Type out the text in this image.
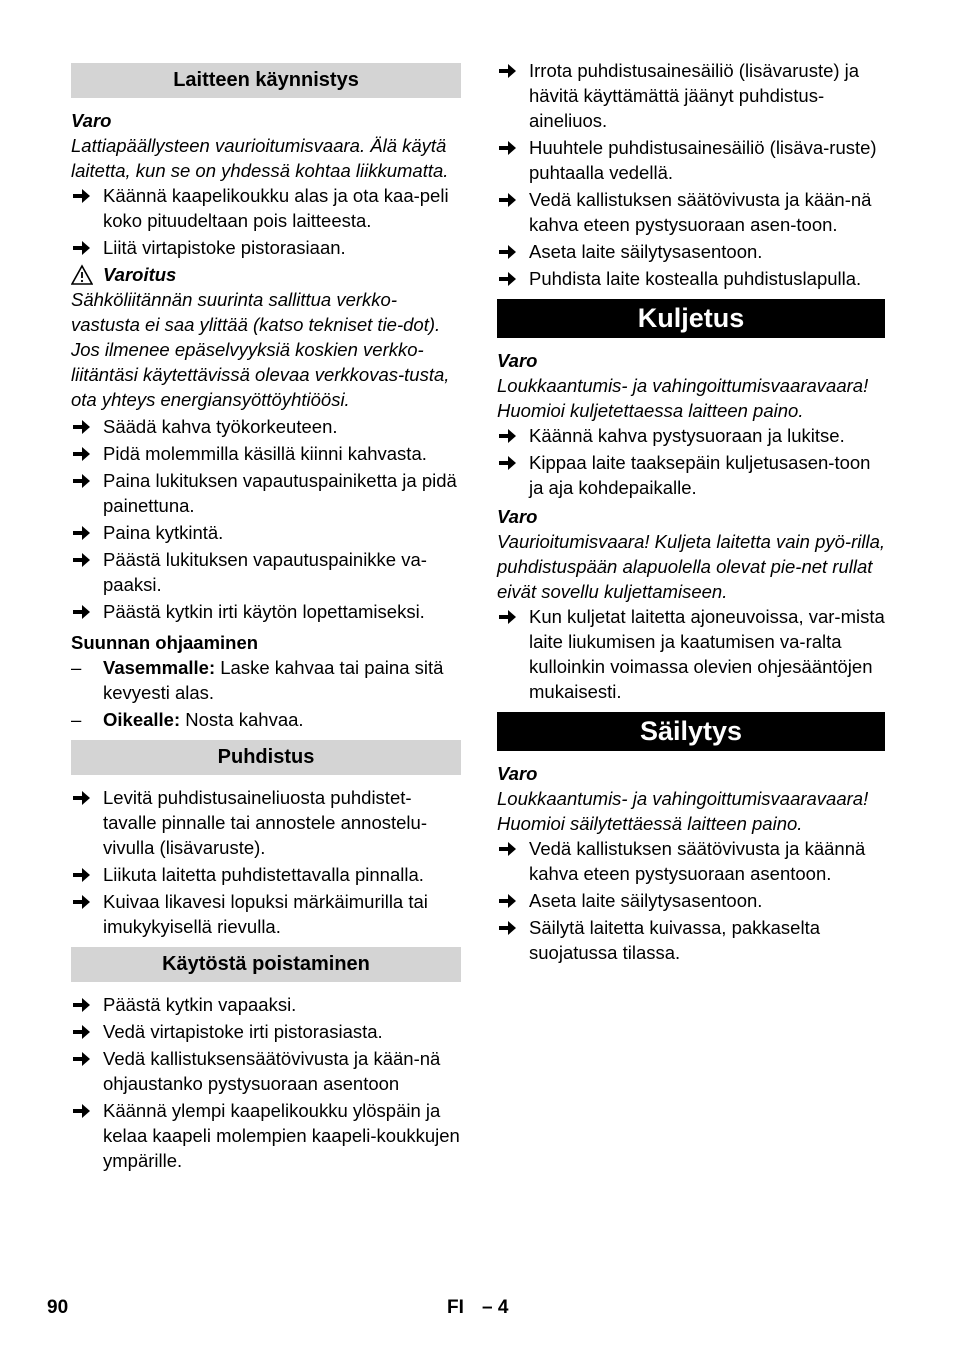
Laitteen käynnistys
Varo
Lattiapäällysteen vaurioitumisvaara. Älä käytä laitetta, kun se on yhdessä kohtaa liikkumatta.
Käännä kaapelikoukku alas ja ota kaa-peli koko pituudeltaan pois laitteesta.
Liitä virtapistoke pistorasiaan.
Varoitus
Sähköliitännän suurinta sallittua verkko-vastusta ei saa ylittää (katso tekniset tie-dot).
Jos ilmenee epäselvyyksiä koskien verkko-liitäntäsi käytettävissä olevaa verkkovas-tusta, ota yhteys energiansyöttöyhtiöösi.
Säädä kahva työkorkeuteen.
Pidä molemmilla käsillä kiinni kahvasta.
Paina lukituksen vapautuspainiketta ja pidä painettuna.
Paina kytkintä.
Päästä lukituksen vapautuspainikke va-paaksi.
Päästä kytkin irti käytön lopettamiseksi.
Suunnan ohjaaminen
– Vasemmalle: Laske kahvaa tai paina sitä kevyesti alas.
– Oikealle: Nosta kahvaa.
Puhdistus
Levitä puhdistusaineliuosta puhdistet-tavalle pinnalle tai annostele annostelu-vivulla (lisävaruste).
Liikuta laitetta puhdistettavalla pinnalla.
Kuivaa likavesi lopuksi märkäimurilla tai imukykyisellä rievulla.
Käytöstä poistaminen
Päästä kytkin vapaaksi.
Vedä virtapistoke irti pistorasiasta.
Vedä kallistuksensäätövivusta ja kään-nä ohjaustanko pystysuoraan asentoon
Käännä ylempi kaapelikoukku ylöspäin ja kelaa kaapeli molempien kaapeli-koukkujen ympärille.
Irrota puhdistusainesäiliö (lisävaruste) ja hävitä käyttämättä jäänyt puhdistus-aineliuos.
Huuhtele puhdistusainesäiliö (lisäva-ruste) puhtaalla vedellä.
Vedä kallistuksen säätövivusta ja kään-nä kahva eteen pystysuoraan asen-toon.
Aseta laite säilytysasentoon.
Puhdista laite kostealla puhdistuslapulla.
Kuljetus
Varo
Loukkaantumis- ja vahingoittumisvaaravaara! Huomioi kuljetettaessa laitteen paino.
Käännä kahva pystysuoraan ja lukitse.
Kippaa laite taaksepäin kuljetusasen-toon ja aja kohdepaikalle.
Varo
Vaurioitumisvaara! Kuljeta laitetta vain pyö-rilla, puhdistuspään alapuolella olevat pie-net rullat eivät sovellu kuljettamiseen.
Kun kuljetat laitetta ajoneuvoissa, var-mista laite liukumisen ja kaatumisen va-ralta kulloinkin voimassa olevien ohjesääntöjen mukaisesti.
Säilytys
Varo
Loukkaantumis- ja vahingoittumisvaaravaara! Huomioi säilytettäessä laitteen paino.
Vedä kallistuksen säätövivusta ja käännä kahva eteen pystysuoraan asentoon.
Aseta laite säilytysasentoon.
Säilytä laitetta kuivassa, pakkaselta suojatussa tilassa.
90	FI – 4
